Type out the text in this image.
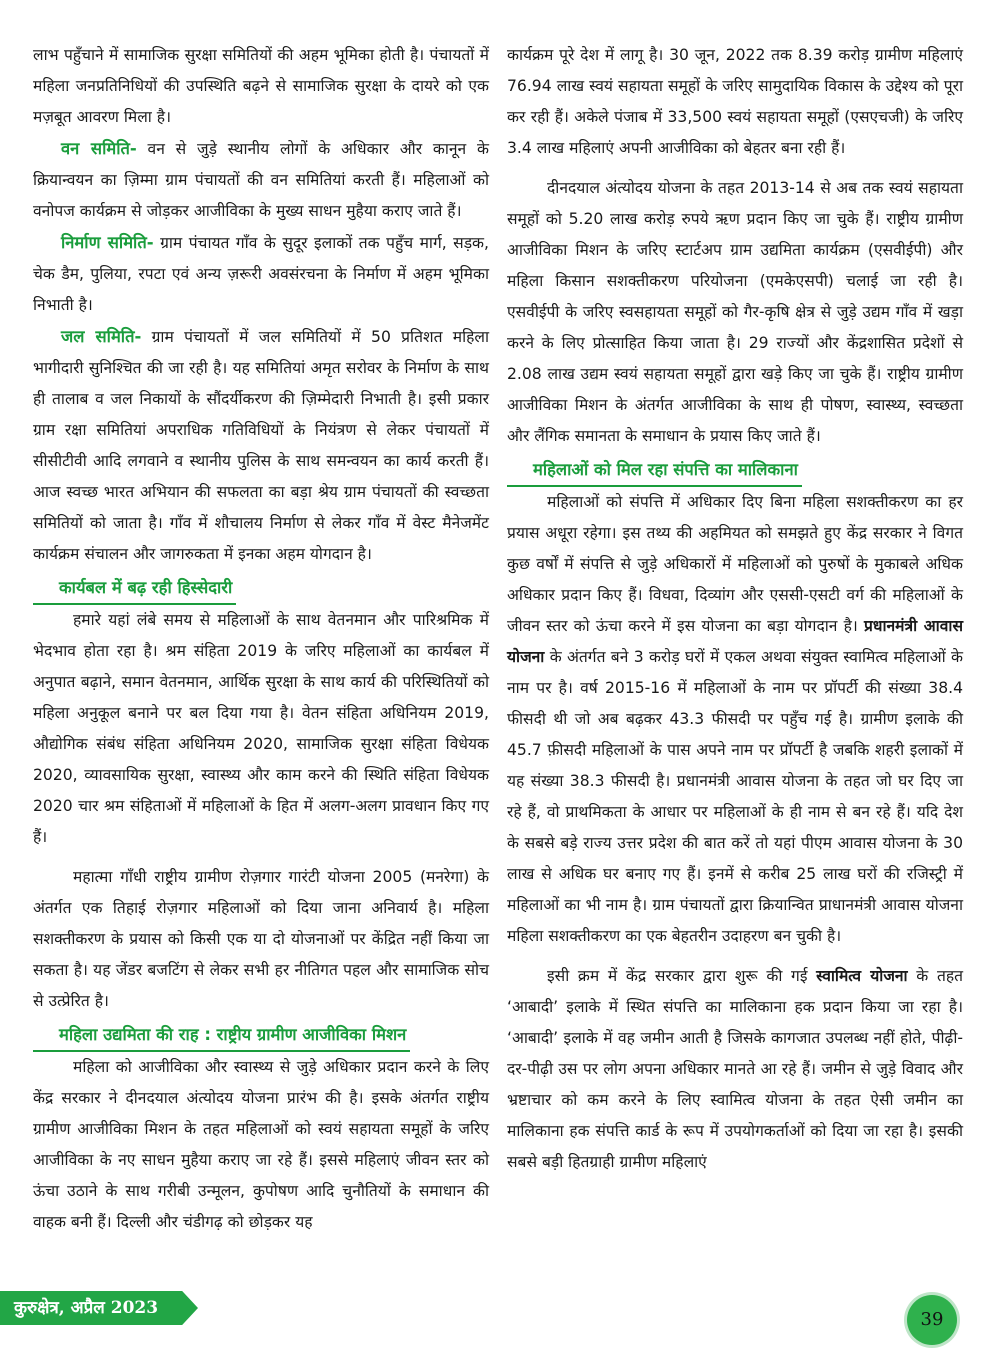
लाभ पहुँचाने में सामाजिक सुरक्षा समितियों की अहम भूमिका होती है। पंचायतों में महिला जनप्रतिनिधियों की उपस्थिति बढ़ने से सामाजिक सुरक्षा के दायरे को एक मज़बूत आवरण मिला है।

वन समिति- वन से जुड़े स्थानीय लोगों के अधिकार और कानून के क्रियान्वयन का ज़िम्मा ग्राम पंचायतों की वन समितियां करती हैं। महिलाओं को वनोपज कार्यक्रम से जोड़कर आजीविका के मुख्य साधन मुहैया कराए जाते हैं।

निर्माण समिति- ग्राम पंचायत गाँव के सुदूर इलाकों तक पहुँच मार्ग, सड़क, चेक डैम, पुलिया, रपटा एवं अन्य ज़रूरी अवसंरचना के निर्माण में अहम भूमिका निभाती है।

जल समिति- ग्राम पंचायतों में जल समितियों में 50 प्रतिशत महिला भागीदारी सुनिश्चित की जा रही है। यह समितियां अमृत सरोवर के निर्माण के साथ ही तालाब व जल निकायों के सौंदर्यीकरण की ज़िम्मेदारी निभाती है। इसी प्रकार ग्राम रक्षा समितियां अपराधिक गतिविधियों के नियंत्रण से लेकर पंचायतों में सीसीटीवी आदि लगवाने व स्थानीय पुलिस के साथ समन्वयन का कार्य करती हैं। आज स्वच्छ भारत अभियान की सफलता का बड़ा श्रेय ग्राम पंचायतों की स्वच्छता समितियों को जाता है। गाँव में शौचालय निर्माण से लेकर गाँव में वेस्ट मैनेजमेंट कार्यक्रम संचालन और जागरुकता में इनका अहम योगदान है।

कार्यबल में बढ़ रही हिस्सेदारी

हमारे यहां लंबे समय से महिलाओं के साथ वेतनमान और पारिश्रमिक में भेदभाव होता रहा है। श्रम संहिता 2019 के जरिए महिलाओं का कार्यबल में अनुपात बढ़ाने, समान वेतनमान, आर्थिक सुरक्षा के साथ कार्य की परिस्थितियों को महिला अनुकूल बनाने पर बल दिया गया है। वेतन संहिता अधिनियम 2019, औद्योगिक संबंध संहिता अधिनियम 2020, सामाजिक सुरक्षा संहिता विधेयक 2020, व्यावसायिक सुरक्षा, स्वास्थ्य और काम करने की स्थिति संहिता विधेयक 2020 चार श्रम संहिताओं में महिलाओं के हित में अलग-अलग प्रावधान किए गए हैं।

महात्मा गाँधी राष्ट्रीय ग्रामीण रोज़गार गारंटी योजना 2005 (मनरेगा) के अंतर्गत एक तिहाई रोज़गार महिलाओं को दिया जाना अनिवार्य है। महिला सशक्तीकरण के प्रयास को किसी एक या दो योजनाओं पर केंद्रित नहीं किया जा सकता है। यह जेंडर बजटिंग से लेकर सभी हर नीतिगत पहल और सामाजिक सोच से उत्प्रेरित है।

महिला उद्यमिता की राह : राष्ट्रीय ग्रामीण आजीविका मिशन

महिला को आजीविका और स्वास्थ्य से जुड़े अधिकार प्रदान करने के लिए केंद्र सरकार ने दीनदयाल अंत्योदय योजना प्रारंभ की है। इसके अंतर्गत राष्ट्रीय ग्रामीण आजीविका मिशन के तहत महिलाओं को स्वयं सहायता समूहों के जरिए आजीविका के नए साधन मुहैया कराए जा रहे हैं। इससे महिलाएं जीवन स्तर को ऊंचा उठाने के साथ गरीबी उन्मूलन, कुपोषण आदि चुनौतियों के समाधान की वाहक बनी हैं। दिल्ली और चंडीगढ़ को छोड़कर यह

कार्यक्रम पूरे देश में लागू है। 30 जून, 2022 तक 8.39 करोड़ ग्रामीण महिलाएं 76.94 लाख स्वयं सहायता समूहों के जरिए सामुदायिक विकास के उद्देश्य को पूरा कर रही हैं। अकेले पंजाब में 33,500 स्वयं सहायता समूहों (एसएचजी) के जरिए 3.4 लाख महिलाएं अपनी आजीविका को बेहतर बना रही हैं।

दीनदयाल अंत्योदय योजना के तहत 2013-14 से अब तक स्वयं सहायता समूहों को 5.20 लाख करोड़ रुपये ऋण प्रदान किए जा चुके हैं। राष्ट्रीय ग्रामीण आजीविका मिशन के जरिए स्टार्टअप ग्राम उद्यमिता कार्यक्रम (एसवीईपी) और महिला किसान सशक्तीकरण परियोजना (एमकेएसपी) चलाई जा रही है। एसवीईपी के जरिए स्वसहायता समूहों को गैर-कृषि क्षेत्र से जुड़े उद्यम गाँव में खड़ा करने के लिए प्रोत्साहित किया जाता है। 29 राज्यों और केंद्रशासित प्रदेशों से 2.08 लाख उद्यम स्वयं सहायता समूहों द्वारा खड़े किए जा चुके हैं। राष्ट्रीय ग्रामीण आजीविका मिशन के अंतर्गत आजीविका के साथ ही पोषण, स्वास्थ्य, स्वच्छता और लैंगिक समानता के समाधान के प्रयास किए जाते हैं।

महिलाओं को मिल रहा संपत्ति का मालिकाना

महिलाओं को संपत्ति में अधिकार दिए बिना महिला सशक्तीकरण का हर प्रयास अधूरा रहेगा। इस तथ्य की अहमियत को समझते हुए केंद्र सरकार ने विगत कुछ वर्षों में संपत्ति से जुड़े अधिकारों में महिलाओं को पुरुषों के मुकाबले अधिक अधिकार प्रदान किए हैं। विधवा, दिव्यांग और एससी-एसटी वर्ग की महिलाओं के जीवन स्तर को ऊंचा करने में इस योजना का बड़ा योगदान है। प्रधानमंत्री आवास योजना के अंतर्गत बने 3 करोड़ घरों में एकल अथवा संयुक्त स्वामित्व महिलाओं के नाम पर है। वर्ष 2015-16 में महिलाओं के नाम पर प्रॉपर्टी की संख्या 38.4 फीसदी थी जो अब बढ़कर 43.3 फीसदी पर पहुँच गई है। ग्रामीण इलाके की 45.7 फ़ीसदी महिलाओं के पास अपने नाम पर प्रॉपर्टी है जबकि शहरी इलाकों में यह संख्या 38.3 फीसदी है। प्रधानमंत्री आवास योजना के तहत जो घर दिए जा रहे हैं, वो प्राथमिकता के आधार पर महिलाओं के ही नाम से बन रहे हैं। यदि देश के सबसे बड़े राज्य उत्तर प्रदेश की बात करें तो यहां पीएम आवास योजना के 30 लाख से अधिक घर बनाए गए हैं। इनमें से करीब 25 लाख घरों की रजिस्ट्री में महिलाओं का भी नाम है। ग्राम पंचायतों द्वारा क्रियान्वित प्राधानमंत्री आवास योजना महिला सशक्तीकरण का एक बेहतरीन उदाहरण बन चुकी है।

इसी क्रम में केंद्र सरकार द्वारा शुरू की गई स्वामित्व योजना के तहत ‘आबादी’ इलाके में स्थित संपत्ति का मालिकाना हक प्रदान किया जा रहा है। ‘आबादी’ इलाके में वह जमीन आती है जिसके कागजात उपलब्ध नहीं होते, पीढ़ी-दर-पीढ़ी उस पर लोग अपना अधिकार मानते आ रहे हैं। जमीन से जुड़े विवाद और भ्रष्टाचार को कम करने के लिए स्वामित्व योजना के तहत ऐसी जमीन का मालिकाना हक संपत्ति कार्ड के रूप में उपयोगकर्ताओं को दिया जा रहा है। इसकी सबसे बड़ी हितग्राही ग्रामीण महिलाएं

कुरुक्षेत्र, अप्रैल 2023
39
